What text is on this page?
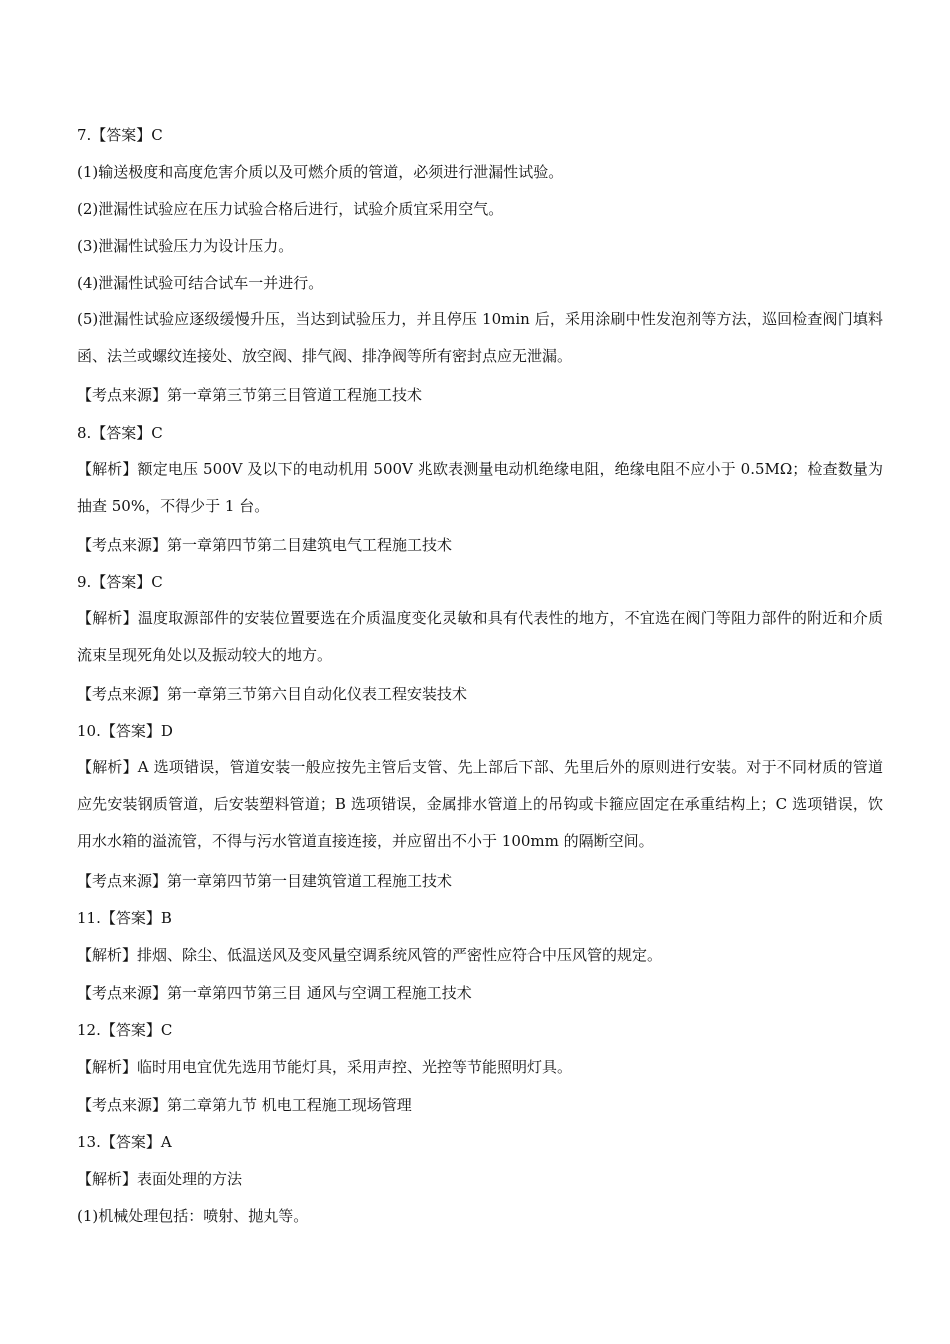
7.【答案】C
(1)输送极度和高度危害介质以及可燃介质的管道，必须进行泄漏性试验。
(2)泄漏性试验应在压力试验合格后进行，试验介质宜采用空气。
(3)泄漏性试验压力为设计压力。
(4)泄漏性试验可结合试车一并进行。
(5)泄漏性试验应逐级缓慢升压，当达到试验压力，并且停压 10min 后，采用涂刷中性发泡剂等方法，巡回检查阀门填料函、法兰或螺纹连接处、放空阀、排气阀、排净阀等所有密封点应无泄漏。
【考点来源】第一章第三节第三目管道工程施工技术
8.【答案】C
【解析】额定电压 500V 及以下的电动机用 500V 兆欧表测量电动机绝缘电阻，绝缘电阻不应小于 0.5MΩ；检查数量为抽查 50%，不得少于 1 台。
【考点来源】第一章第四节第二目建筑电气工程施工技术
9.【答案】C
【解析】温度取源部件的安装位置要选在介质温度变化灵敏和具有代表性的地方，不宜选在阀门等阻力部件的附近和介质流束呈现死角处以及振动较大的地方。
【考点来源】第一章第三节第六目自动化仪表工程安装技术
10.【答案】D
【解析】A 选项错误，管道安装一般应按先主管后支管、先上部后下部、先里后外的原则进行安装。对于不同材质的管道应先安装钢质管道，后安装塑料管道；B 选项错误，金属排水管道上的吊钩或卡箍应固定在承重结构上；C 选项错误，饮用水水箱的溢流管，不得与污水管道直接连接，并应留出不小于 100mm 的隔断空间。
【考点来源】第一章第四节第一目建筑管道工程施工技术
11.【答案】B
【解析】排烟、除尘、低温送风及变风量空调系统风管的严密性应符合中压风管的规定。
【考点来源】第一章第四节第三目 通风与空调工程施工技术
12.【答案】C
【解析】临时用电宜优先选用节能灯具，采用声控、光控等节能照明灯具。
【考点来源】第二章第九节 机电工程施工现场管理
13.【答案】A
【解析】表面处理的方法
(1)机械处理包括：喷射、抛丸等。
